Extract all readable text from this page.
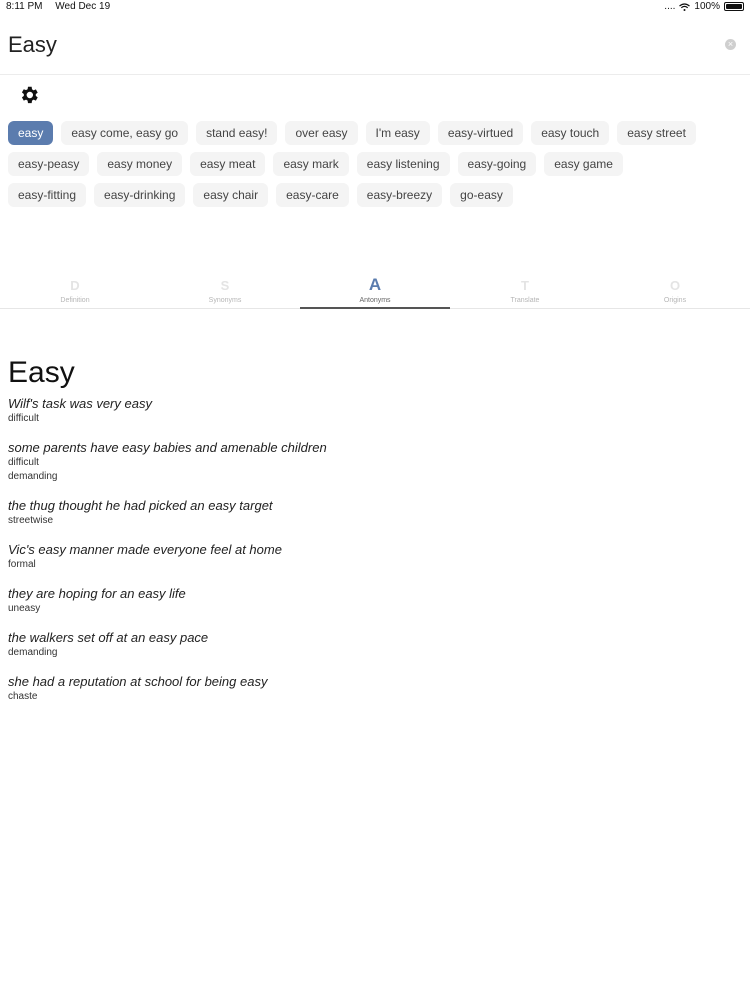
8:11 PM Wed Dec 19	.... 100%
Easy	×
easy	easy come, easy go	stand easy!	over easy	I'm easy	easy-virtued	easy touch	easy street
easy-peasy	easy money	easy meat	easy mark	easy listening	easy-going	easy game
easy-fitting	easy-drinking	easy chair	easy-care	easy-breezy	go-easy
D
Definition
S
Synonyms
A
Antonyms
T
Translate
O
Origins
Easy
Wilf's task was very easy
difficult
some parents have easy babies and amenable children
difficult
demanding
the thug thought he had picked an easy target
streetwise
Vic's easy manner made everyone feel at home
formal
they are hoping for an easy life
uneasy
the walkers set off at an easy pace
demanding
she had a reputation at school for being easy
chaste
